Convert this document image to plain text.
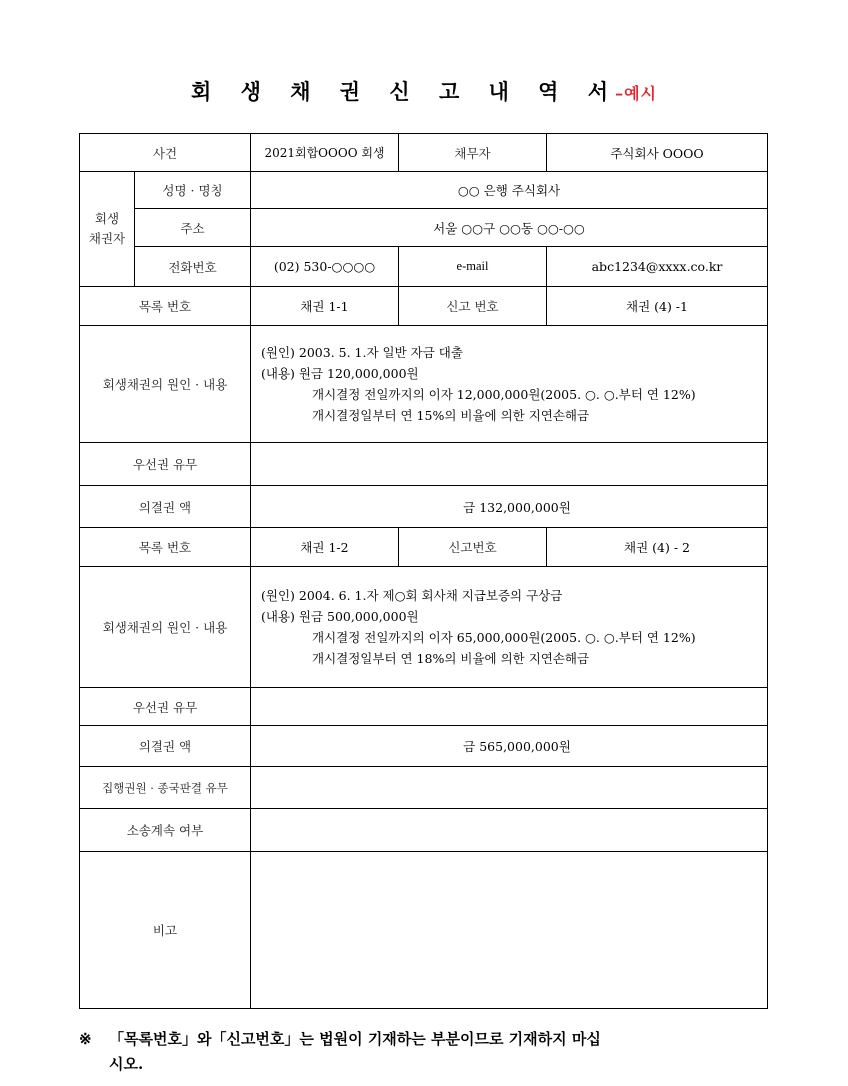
회 생 채 권 신 고 내 역 서–예시
사건		2021회합OOOO 회생	채무자	주식회사 OOOO
회생
채권자	성명 · 명칭	○○ 은행 주식회사		
	주소	서울 ○○구 ○○동 ○○-○○		
	전화번호	(02) 530-○○○○	e-mail	abc1234@xxxx.co.kr
목록 번호		채권 1-1	신고 번호	채권 (4) -1
회생채권의 원인 · 내용		(원인) 2003. 5. 1.자 일반 자금 대출
(내용) 원금 120,000,000원
개시결정 전일까지의 이자 12,000,000원(2005. ○. ○.부터 연 12%)
개시결정일부터 연 15%의 비율에 의한 지연손해금		

우선권 유무				
의결권 액		금 132,000,000원		
목록 번호		채권 1-2	신고번호	채권 (4) - 2
회생채권의 원인 · 내용		(원인) 2004. 6. 1.자 제○회 회사채 지급보증의 구상금
(내용) 원금 500,000,000원
개시결정 전일까지의 이자 65,000,000원(2005. ○. ○.부터 연 12%)
개시결정일부터 연 18%의 비율에 의한 지연손해금		

우선권 유무				
의결권 액		금 565,000,000원		
집행권원 · 종국판결 유무				
소송계속 여부				
비고				
※ 「목록번호」와「신고번호」는 법원이 기재하는 부분이므로 기재하지 마십
시오.
